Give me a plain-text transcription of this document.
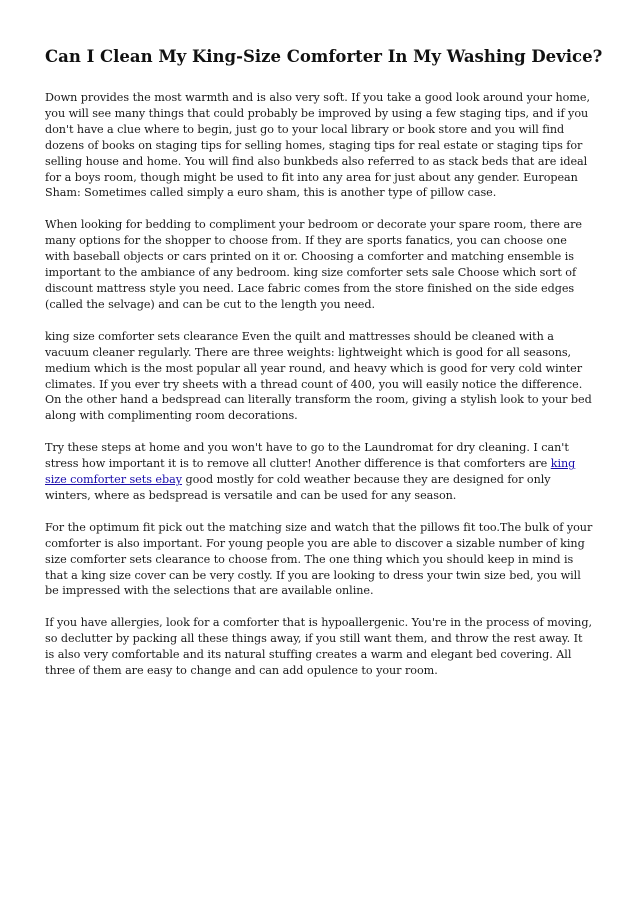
Can I Clean My King-Size Comforter In My Washing Device?

Down provides the most warmth and is also very soft. If you take a good look around your home, you will see many things that could probably be improved by using a few staging tips, and if you don't have a clue where to begin, just go to your local library or book store and you will find dozens of books on staging tips for selling homes, staging tips for real estate or staging tips for selling house and home. You will find also bunkbeds also referred to as stack beds that are ideal for a boys room, though might be used to fit into any area for just about any gender. European Sham: Sometimes called simply a euro sham, this is another type of pillow case.

When looking for bedding to compliment your bedroom or decorate your spare room, there are many options for the shopper to choose from. If they are sports fanatics, you can choose one with baseball objects or cars printed on it or. Choosing a comforter and matching ensemble is important to the ambiance of any bedroom. king size comforter sets sale Choose which sort of discount mattress style you need. Lace fabric comes from the store finished on the side edges (called the selvage) and can be cut to the length you need.

king size comforter sets clearance Even the quilt and mattresses should be cleaned with a vacuum cleaner regularly. There are three weights: lightweight which is good for all seasons, medium which is the most popular all year round, and heavy which is good for very cold winter climates. If you ever try sheets with a thread count of 400, you will easily notice the difference. On the other hand a bedspread can literally transform the room, giving a stylish look to your bed along with complimenting room decorations.

Try these steps at home and you won't have to go to the Laundromat for dry cleaning. I can't stress how important it is to remove all clutter! Another difference is that comforters are king size comforter sets ebay good mostly for cold weather because they are designed for only winters, where as bedspread is versatile and can be used for any season.

For the optimum fit pick out the matching size and watch that the pillows fit too.The bulk of your comforter is also important. For young people you are able to discover a sizable number of king size comforter sets clearance to choose from. The one thing which you should keep in mind is that a king size cover can be very costly. If you are looking to dress your twin size bed, you will be impressed with the selections that are available online.

If you have allergies, look for a comforter that is hypoallergenic. You're in the process of moving, so declutter by packing all these things away, if you still want them, and throw the rest away. It is also very comfortable and its natural stuffing creates a warm and elegant bed covering. All three of them are easy to change and can add opulence to your room.
